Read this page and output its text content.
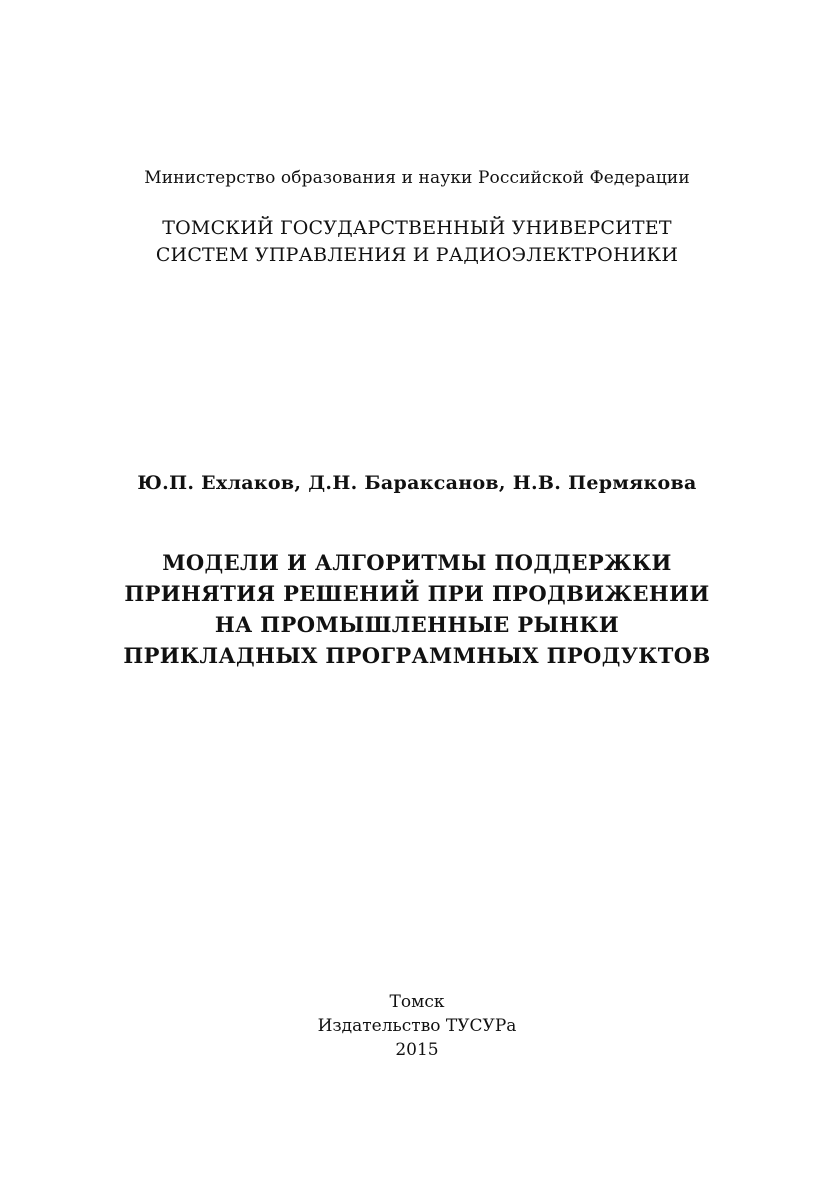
Министерство образования и науки Российской Федерации
ТОМСКИЙ ГОСУДАРСТВЕННЫЙ УНИВЕРСИТЕТ
СИСТЕМ УПРАВЛЕНИЯ И РАДИОЭЛЕКТРОНИКИ
Ю.П. Ехлаков, Д.Н. Бараксанов, Н.В. Пермякова
МОДЕЛИ И АЛГОРИТМЫ ПОДДЕРЖКИ
ПРИНЯТИЯ РЕШЕНИЙ ПРИ ПРОДВИЖЕНИИ
НА ПРОМЫШЛЕННЫЕ РЫНКИ
ПРИКЛАДНЫХ ПРОГРАММНЫХ ПРОДУКТОВ
Томск
Издательство ТУСУРа
2015
